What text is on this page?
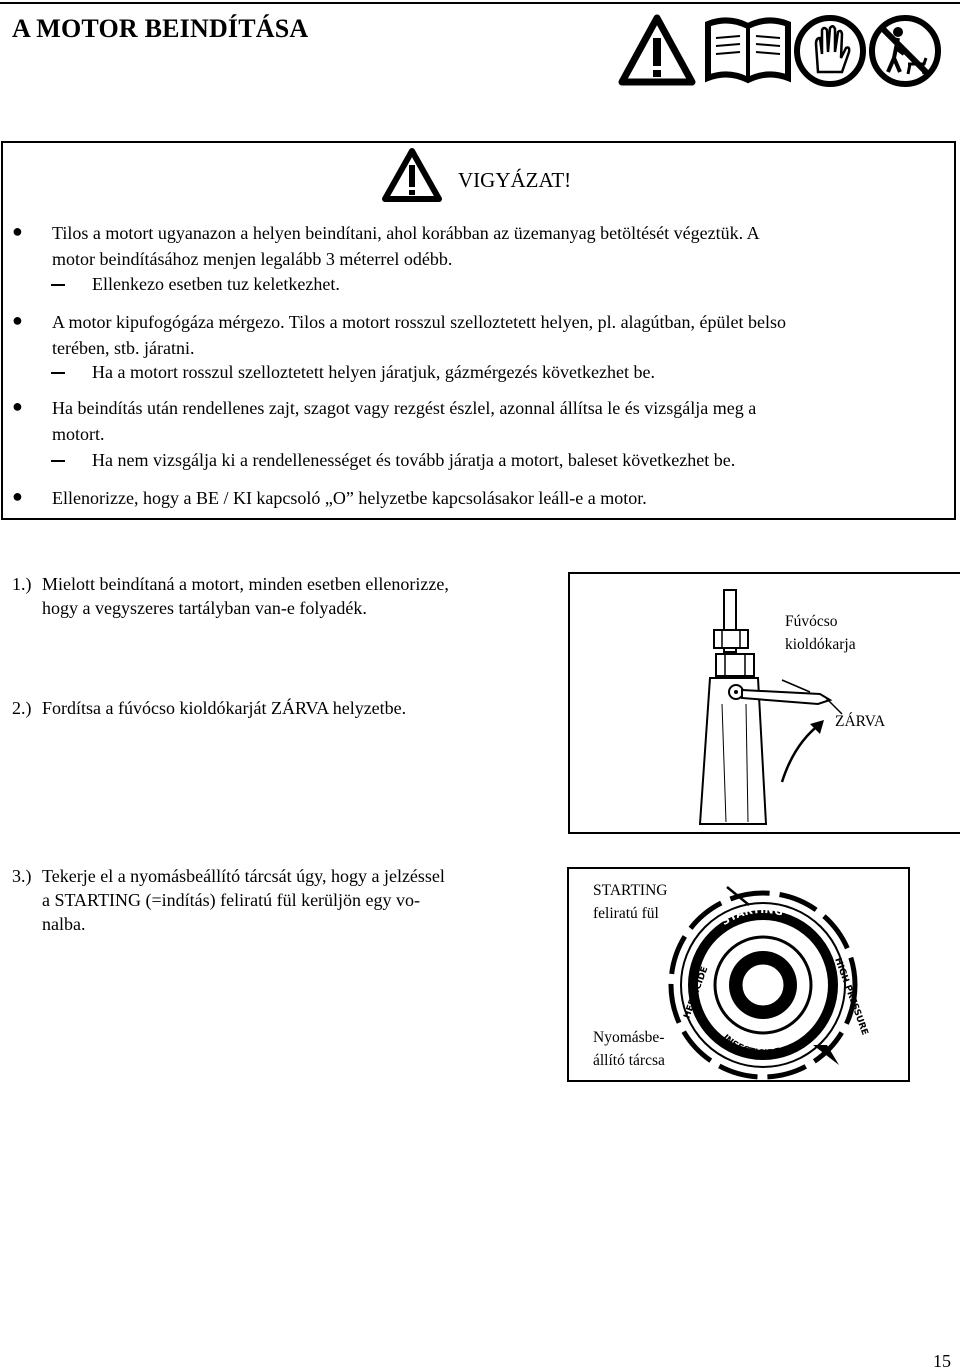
A MOTOR BEINDÍTÁSA
VIGYÁZAT!
● Tilos a motort ugyanazon a helyen beindítani, ahol korábban az üzemanyag betöltését végeztük. A
motor beindításához menjen legalább 3 méterrel odébb.
Ellenkezo esetben tuz keletkezhet.
● A motor kipufogógáza mérgezo. Tilos a motort rosszul szelloztetett helyen, pl. alagútban, épület belso
terében, stb. járatni.
Ha a motort rosszul szelloztetett helyen járatjuk, gázmérgezés következhet be.
● Ha beindítás után rendellenes zajt, szagot vagy rezgést észlel, azonnal állítsa le és vizsgálja meg a
motort.
Ha nem vizsgálja ki a rendellenességet és tovább járatja a motort, baleset következhet be.
● Ellenorizze, hogy a BE / KI kapcsoló „O” helyzetbe kapcsolásakor leáll-e a motor.
1.) Mielott beindítaná a motort, minden esetben ellenorizze,
hogy a vegyszeres tartályban van-e folyadék.
2.) Fordítsa a fúvócso kioldókarját ZÁRVA helyzetbe.
3.) Tekerje el a nyomásbeállító tárcsát úgy, hogy a jelzéssel
a STARTING (=indítás) feliratú fül kerüljön egy vo-
nalba.
Fúvócso
kioldókarja
ZÁRVA
STARTING
HIGH PRESSURE
HERBICIDE
INSECTICIDE
STARTING
feliratú fül
Nyomásbe-
állító tárcsa
15
